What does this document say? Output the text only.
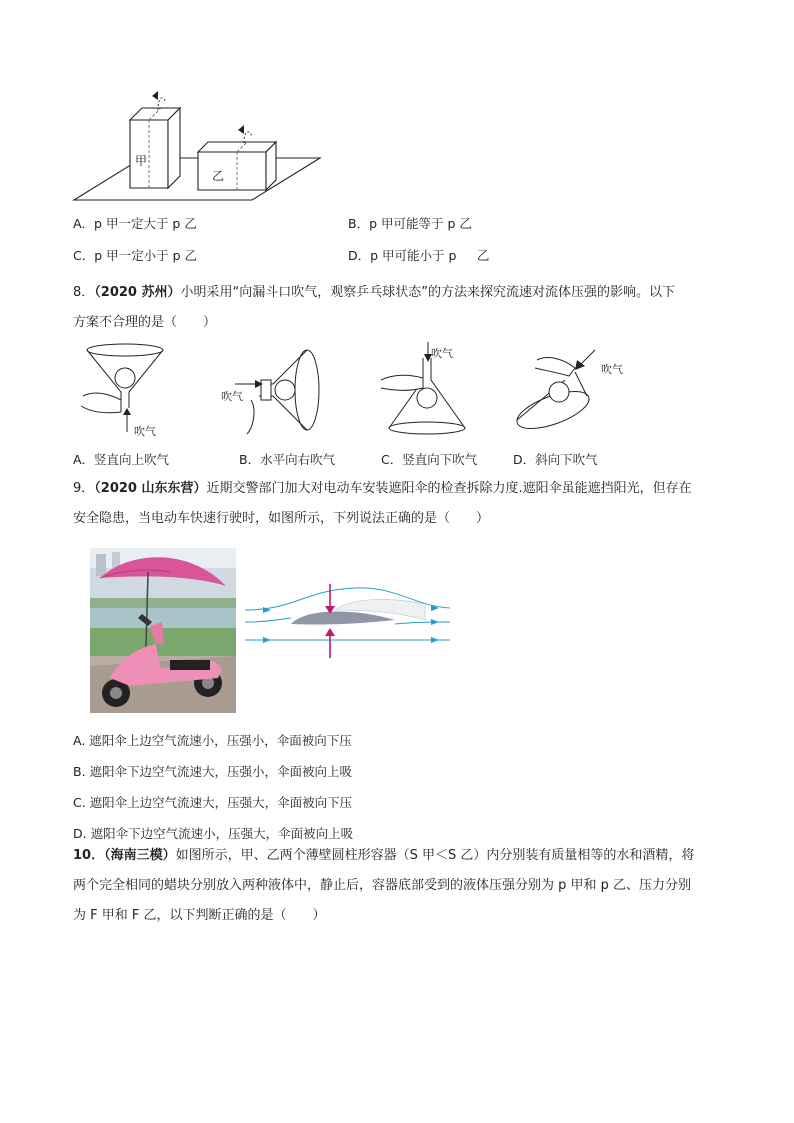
甲
乙
A．p 甲一定大于 p 乙	B．p 甲可能等于 p 乙
C．p 甲一定小于 p 乙	D．p 甲可能小于 p 　 乙
8．（2020 苏州）小明采用“向漏斗口吹气，观察乒乓球状态”的方法来探究流速对流体压强的影响。以下
方案不合理的是（　　）
吹气
吹气
吹气
吹气
A．竖直向上吹气	B．水平向右吹气	C．竖直向下吹气	D．斜向下吹气
9．（2020 山东东营）近期交警部门加大对电动车安装遮阳伞的检查拆除力度.遮阳伞虽能遮挡阳光，但存在
安全隐患，当电动车快速行驶时，如图所示，下列说法正确的是（　　）
A. 遮阳伞上边空气流速小，压强小，伞面被向下压
B. 遮阳伞下边空气流速大，压强小，伞面被向上吸
C. 遮阳伞上边空气流速大，压强大，伞面被向下压
D. 遮阳伞下边空气流速小，压强大，伞面被向上吸
10．（海南三模）如图所示，甲、乙两个薄壁圆柱形容器（S 甲＜S 乙）内分别装有质量相等的水和酒精，将
两个完全相同的蜡块分别放入两种液体中，静止后，容器底部受到的液体压强分别为 p 甲和 p 乙、压力分别
为 F 甲和 F 乙，以下判断正确的是（　　）
